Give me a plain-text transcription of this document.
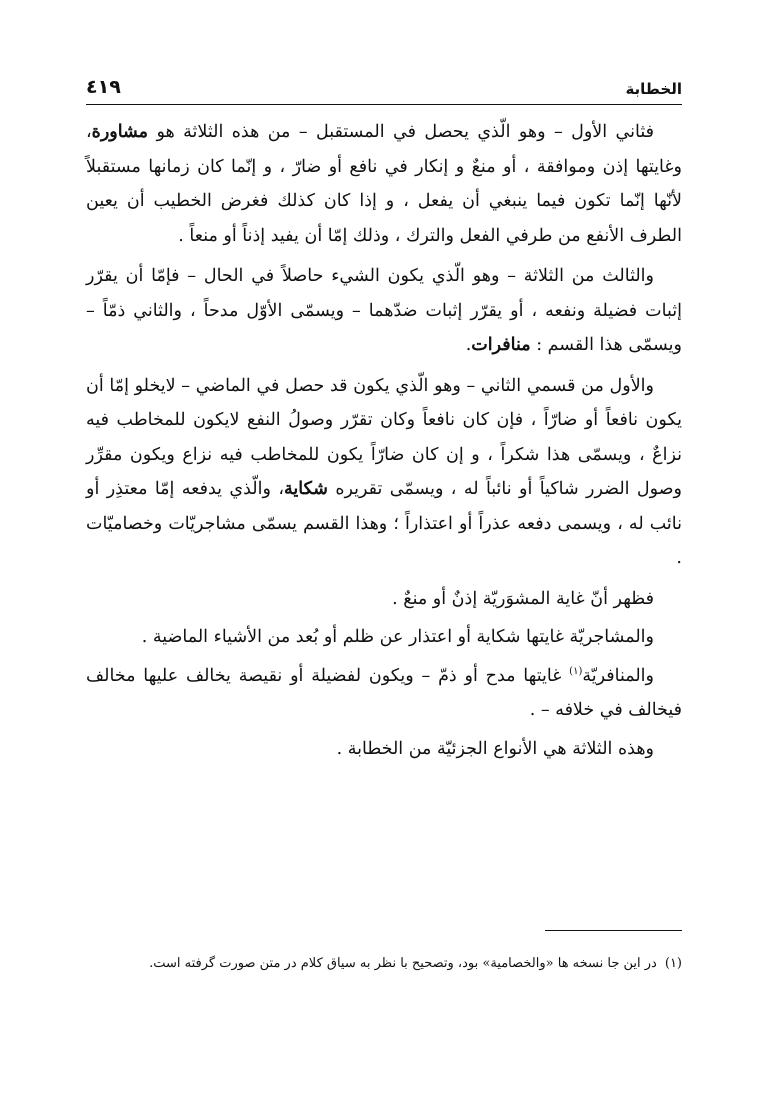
الخطابة
٤١٩

فثاني الأول – وهو الّذي يحصل في المستقبل – من هذه الثلاثة هو مشاورة، وغايتها إذن وموافقة ، أو منعٌ و إنكار في نافع أو ضارّ ، و إنّما كان زمانها مستقبلاً لأنّها إنّما تكون فيما ينبغي أن يفعل ، و إذا كان كذلك فغرض الخطيب أن يعين الطرف الأنفع من طرفي الفعل والترك ، وذلك إمّا أن يفيد إذناً أو منعاً .

والثالث من الثلاثة – وهو الّذي يكون الشيء حاصلاً في الحال – فإمّا أن يقرّر إثبات فضيلة ونفعه ، أو يقرّر إثبات ضدّهما – ويسمّى الأوّل مدحاً ، والثاني ذمّاً – ويسمّى هذا القسم : منافرات.

والأول من قسمي الثاني – وهو الّذي يكون قد حصل في الماضي – لايخلو إمّا أن يكون نافعاً أو ضارّاً ، فإن كان نافعاً وكان تقرّر وصولُ النفع لايكون للمخاطب فيه نزاعٌ ، ويسمّى هذا شكراً ، و إن كان ضارّاً يكون للمخاطب فيه نزاع ويكون مقرِّر وصول الضرر شاكياً أو نائباً له ، ويسمّى تقريره شكاية، والّذي يدفعه إمّا معتذِر أو نائب له ، ويسمى دفعه عذراً أو اعتذاراً ؛ وهذا القسم يسمّى مشاجريّات وخصاميّات .

فظهر أنّ غاية المشوَريّة إذنٌ أو منعٌ .

والمشاجريّة غايتها شكاية أو اعتذار عن ظلم أو بُعد من الأشياء الماضية .

والمنافريّة$^{(١)}$ غايتها مدح أو ذمّ – ويكون لفضيلة أو نقيصة يخالف عليها مخالف فيخالف في خلافه – .

وهذه الثلاثة هي الأنواع الجزئيّة من الخطابة .

(١)در اين جا نسخه ها «والخصامية» بود، وتصحيح با نظر به سياق كلام در متن صورت گرفته است.
